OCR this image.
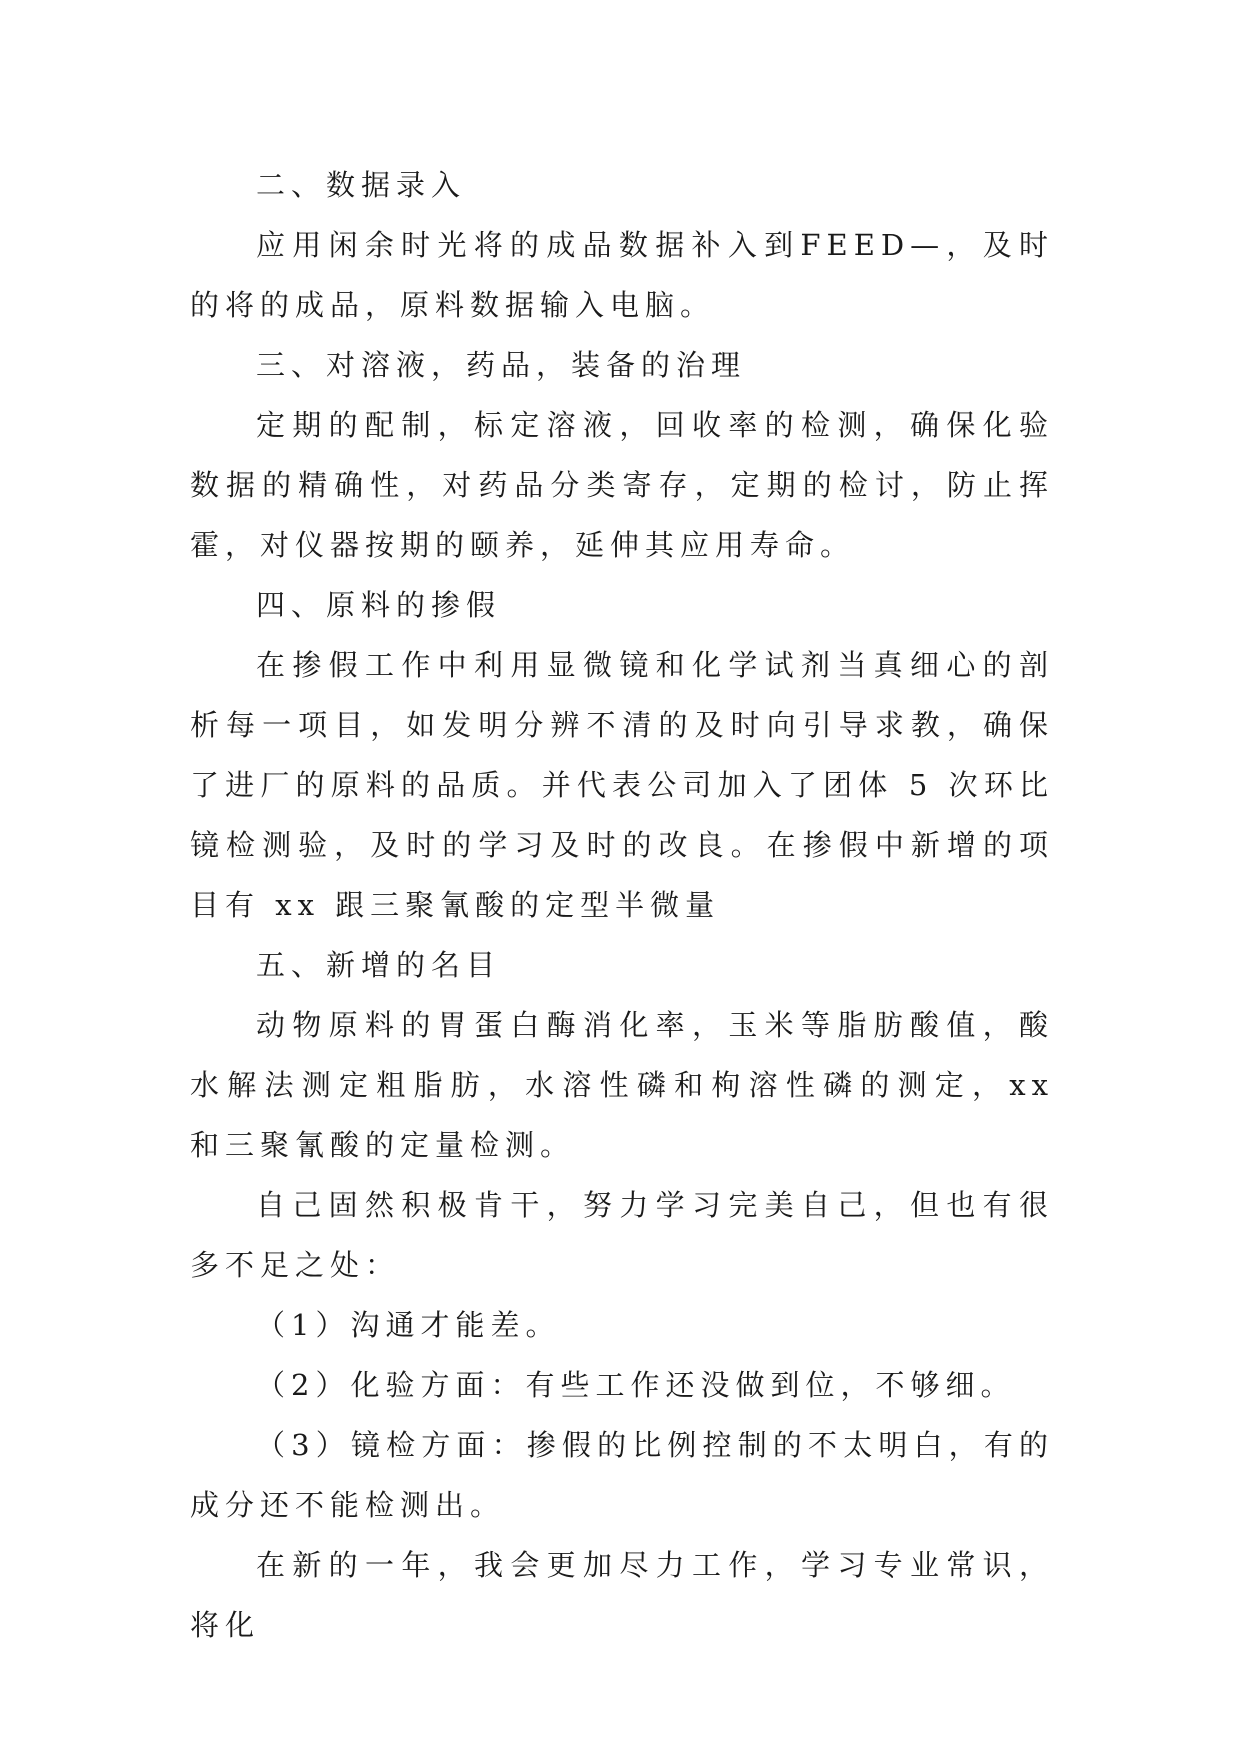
二、数据录入

应用闲余时光将的成品数据补入到FEED—，及时的将的成品，原料数据输入电脑。

三、对溶液，药品，装备的治理

定期的配制，标定溶液，回收率的检测，确保化验数据的精确性，对药品分类寄存，定期的检讨，防止挥霍，对仪器按期的颐养，延伸其应用寿命。

四、原料的掺假

在掺假工作中利用显微镜和化学试剂当真细心的剖析每一项目，如发明分辨不清的及时向引导求教，确保了进厂的原料的品质。并代表公司加入了团体 5 次环比镜检测验，及时的学习及时的改良。在掺假中新增的项目有 xx 跟三聚氰酸的定型半微量

五、新增的名目

动物原料的胃蛋白酶消化率，玉米等脂肪酸值，酸水解法测定粗脂肪，水溶性磷和枸溶性磷的测定，xx 和三聚氰酸的定量检测。

自己固然积极肯干，努力学习完美自己，但也有很多不足之处：

（1）沟通才能差。

（2）化验方面：有些工作还没做到位，不够细。

（3）镜检方面：掺假的比例控制的不太明白，有的成分还不能检测出。

在新的一年，我会更加尽力工作，学习专业常识，将化
